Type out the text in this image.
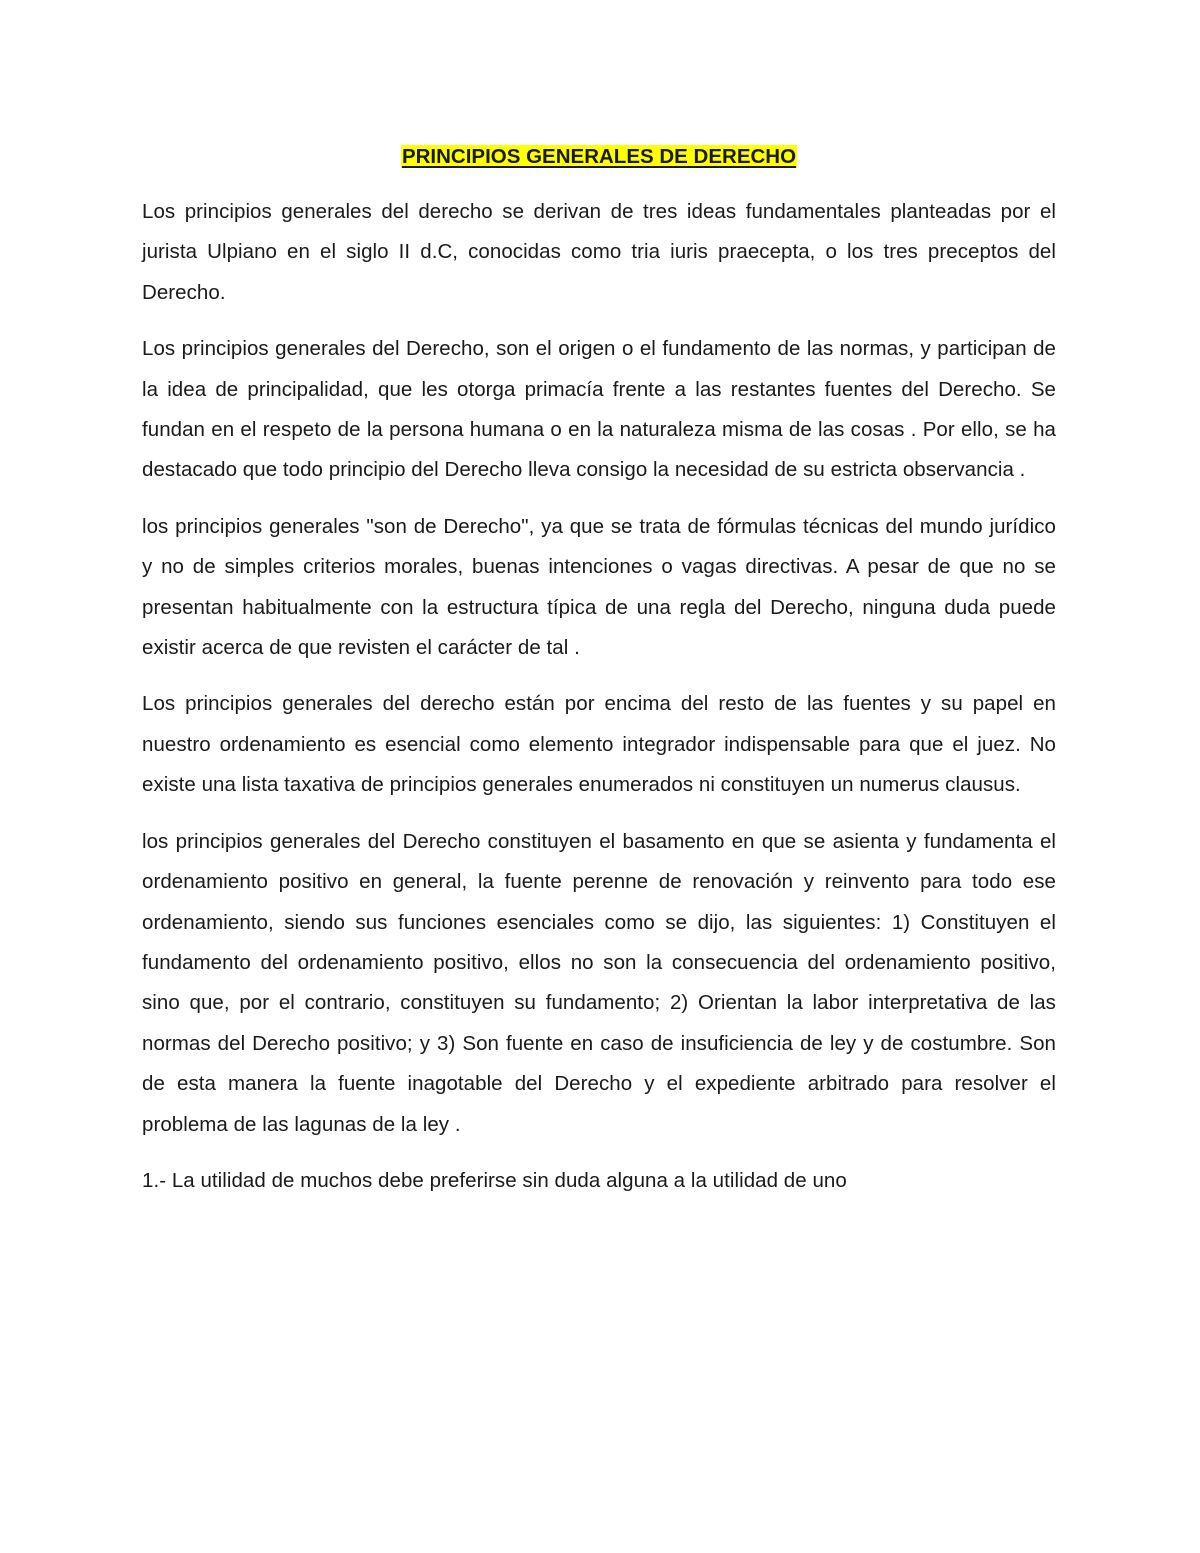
PRINCIPIOS GENERALES DE DERECHO

Los principios generales del derecho se derivan de tres ideas fundamentales planteadas por el jurista Ulpiano en el siglo II d.C, conocidas como tria iuris praecepta, o los tres preceptos del Derecho.

Los principios generales del Derecho, son el origen o el fundamento de las normas, y participan de la idea de principalidad, que les otorga primacía frente a las restantes fuentes del Derecho. Se fundan en el respeto de la persona humana o en la naturaleza misma de las cosas . Por ello, se ha destacado que todo principio del Derecho lleva consigo la necesidad de su estricta observancia .

los principios generales "son de Derecho", ya que se trata de fórmulas técnicas del mundo jurídico y no de simples criterios morales, buenas intenciones o vagas directivas. A pesar de que no se presentan habitualmente con la estructura típica de una regla del Derecho, ninguna duda puede existir acerca de que revisten el carácter de tal .

Los principios generales del derecho están por encima del resto de las fuentes y su papel en nuestro ordenamiento es esencial como elemento integrador indispensable para que el juez. No existe una lista taxativa de principios generales enumerados ni constituyen un numerus clausus.

los principios generales del Derecho constituyen el basamento en que se asienta y fundamenta el ordenamiento positivo en general, la fuente perenne de renovación y reinvento para todo ese ordenamiento, siendo sus funciones esenciales como se dijo, las siguientes: 1) Constituyen el fundamento del ordenamiento positivo, ellos no son la consecuencia del ordenamiento positivo, sino que, por el contrario, constituyen su fundamento; 2) Orientan la labor interpretativa de las normas del Derecho positivo; y 3) Son fuente en caso de insuficiencia de ley y de costumbre. Son de esta manera la fuente inagotable del Derecho y el expediente arbitrado para resolver el problema de las lagunas de la ley .

1.- La utilidad de muchos debe preferirse sin duda alguna a la utilidad de uno
